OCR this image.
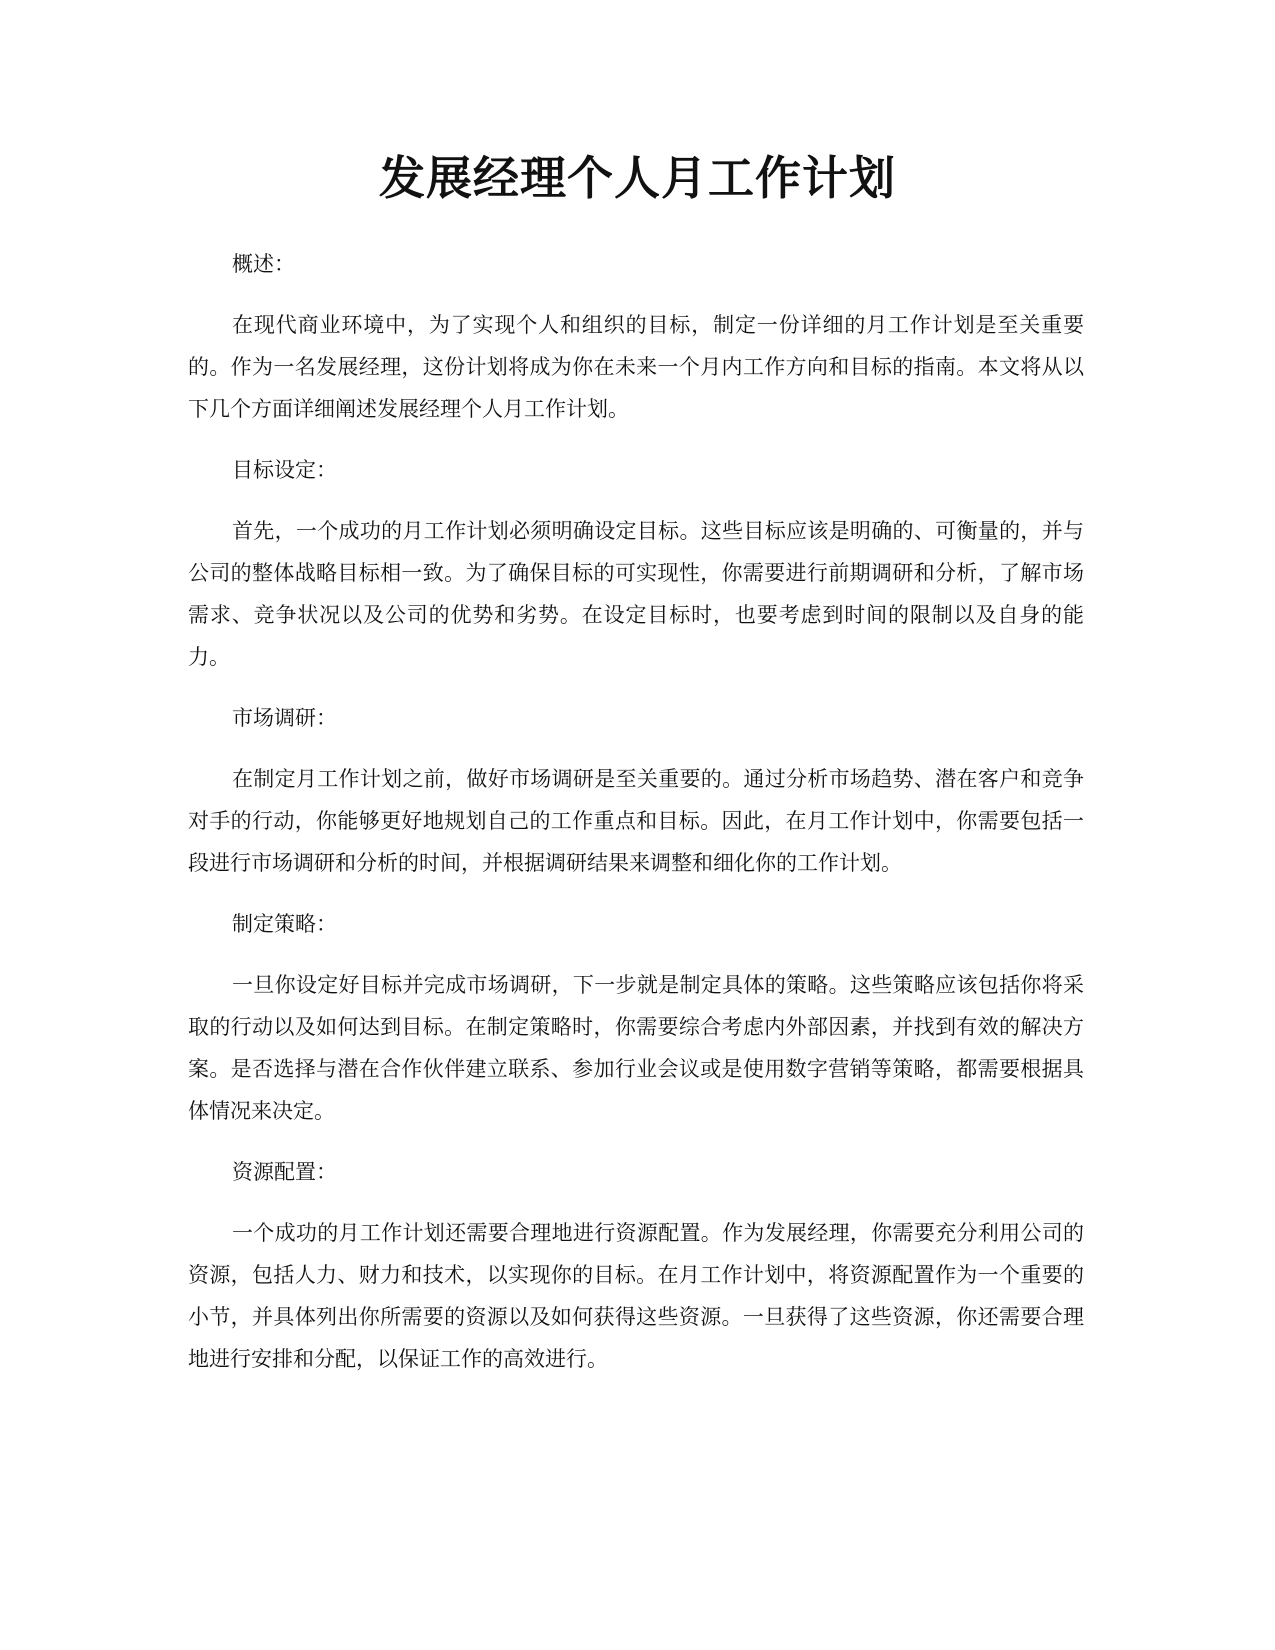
发展经理个人月工作计划

概述：

在现代商业环境中，为了实现个人和组织的目标，制定一份详细的月工作计划是至关重要的。作为一名发展经理，这份计划将成为你在未来一个月内工作方向和目标的指南。本文将从以下几个方面详细阐述发展经理个人月工作计划。

目标设定：

首先，一个成功的月工作计划必须明确设定目标。这些目标应该是明确的、可衡量的，并与公司的整体战略目标相一致。为了确保目标的可实现性，你需要进行前期调研和分析，了解市场需求、竞争状况以及公司的优势和劣势。在设定目标时，也要考虑到时间的限制以及自身的能力。

市场调研：

在制定月工作计划之前，做好市场调研是至关重要的。通过分析市场趋势、潜在客户和竞争对手的行动，你能够更好地规划自己的工作重点和目标。因此，在月工作计划中，你需要包括一段进行市场调研和分析的时间，并根据调研结果来调整和细化你的工作计划。

制定策略：

一旦你设定好目标并完成市场调研，下一步就是制定具体的策略。这些策略应该包括你将采取的行动以及如何达到目标。在制定策略时，你需要综合考虑内外部因素，并找到有效的解决方案。是否选择与潜在合作伙伴建立联系、参加行业会议或是使用数字营销等策略，都需要根据具体情况来决定。

资源配置：

一个成功的月工作计划还需要合理地进行资源配置。作为发展经理，你需要充分利用公司的资源，包括人力、财力和技术，以实现你的目标。在月工作计划中，将资源配置作为一个重要的小节，并具体列出你所需要的资源以及如何获得这些资源。一旦获得了这些资源，你还需要合理地进行安排和分配，以保证工作的高效进行。
